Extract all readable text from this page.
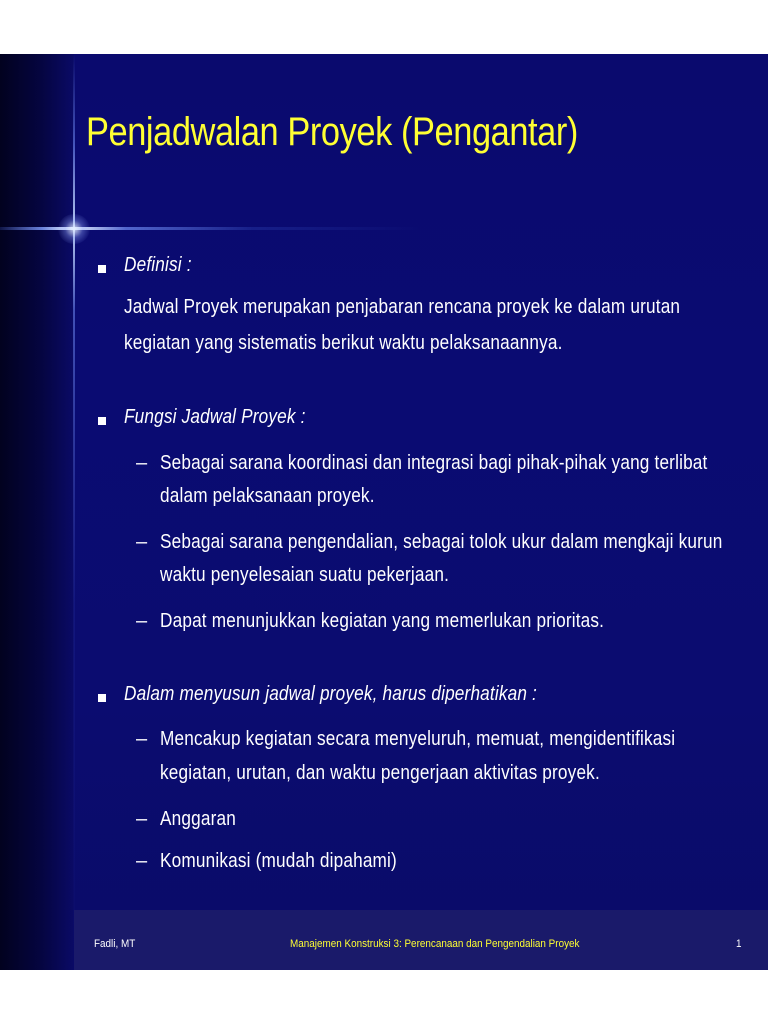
Penjadwalan Proyek (Pengantar)

Definisi :

Jadwal Proyek merupakan penjabaran rencana proyek ke dalam urutan

kegiatan yang sistematis berikut waktu pelaksanaannya.

Fungsi Jadwal Proyek :

– Sebagai sarana koordinasi dan integrasi bagi pihak-pihak yang terlibat

dalam pelaksanaan proyek.

– Sebagai sarana pengendalian, sebagai tolok ukur dalam mengkaji kurun

waktu penyelesaian suatu pekerjaan.

– Dapat menunjukkan kegiatan yang memerlukan prioritas.

Dalam menyusun jadwal proyek, harus diperhatikan :

– Mencakup kegiatan secara menyeluruh, memuat, mengidentifikasi

kegiatan, urutan, dan waktu pengerjaan aktivitas proyek.

– Anggaran

– Komunikasi (mudah dipahami)

Fadli, MT	Manajemen Konstruksi 3: Perencanaan dan Pengendalian Proyek	1
